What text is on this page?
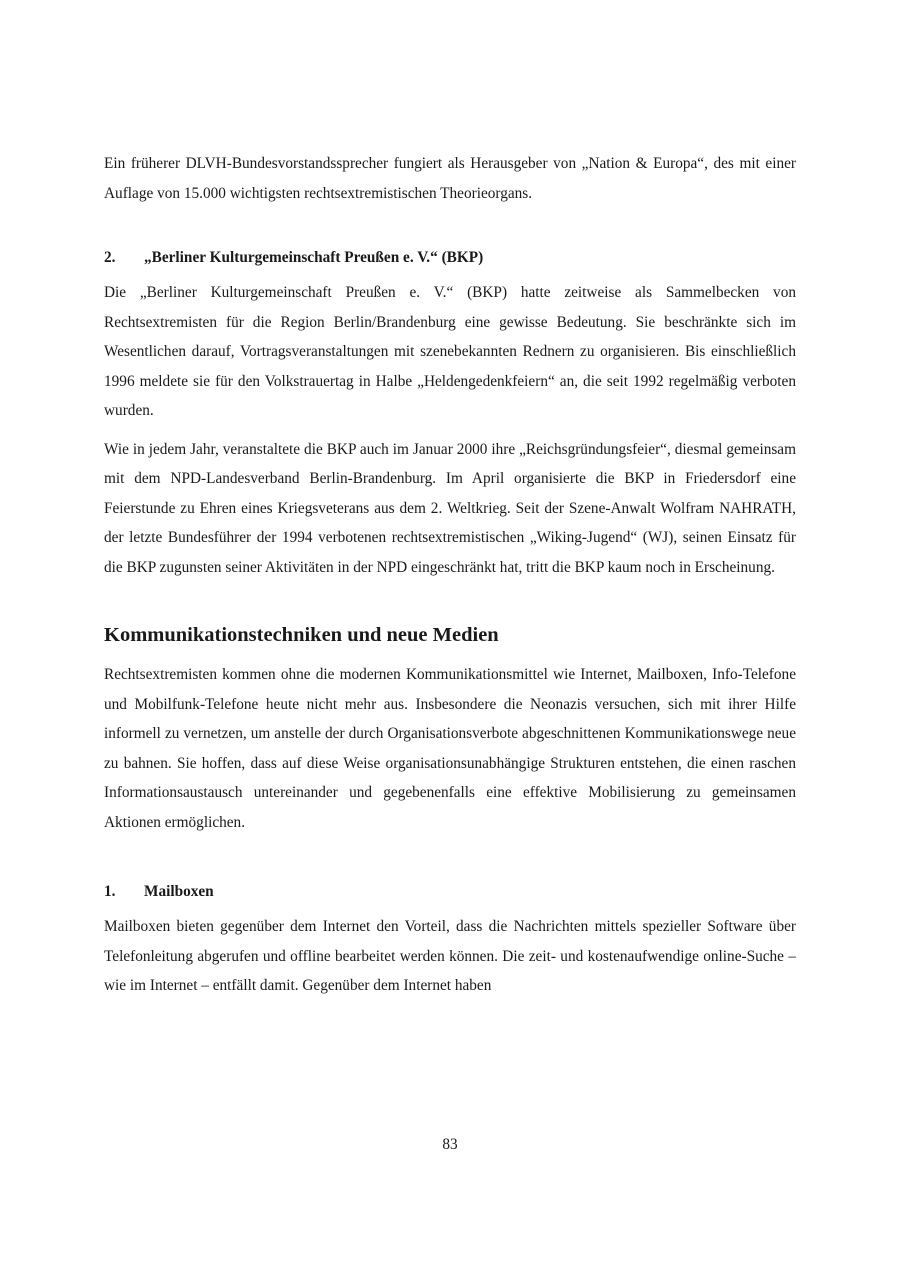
Ein früherer DLVH-Bundesvorstandssprecher fungiert als Herausgeber von „Nation & Europa“, des mit einer Auflage von 15.000 wichtigsten rechtsextremistischen Theorieorgans.

2.	„Berliner Kulturgemeinschaft Preußen e. V.“ (BKP)

Die „Berliner Kulturgemeinschaft Preußen e. V.“ (BKP) hatte zeitweise als Sammelbecken von Rechtsextremisten für die Region Berlin/Brandenburg eine gewisse Bedeutung. Sie beschränkte sich im Wesentlichen darauf, Vortragsveranstaltungen mit szenebekannten Rednern zu organisieren. Bis einschließlich 1996 meldete sie für den Volkstrauertag in Halbe „Heldengedenkfeiern“ an, die seit 1992 regelmäßig verboten wurden.

Wie in jedem Jahr, veranstaltete die BKP auch im Januar 2000 ihre „Reichsgründungsfeier“, diesmal gemeinsam mit dem NPD-Landesverband Berlin-Brandenburg. Im April organisierte die BKP in Friedersdorf eine Feierstunde zu Ehren eines Kriegsveterans aus dem 2. Weltkrieg. Seit der Szene-Anwalt Wolfram NAHRATH, der letzte Bundesführer der 1994 verbotenen rechtsextremistischen „Wiking-Jugend“ (WJ), seinen Einsatz für die BKP zugunsten seiner Aktivitäten in der NPD eingeschränkt hat, tritt die BKP kaum noch in Erscheinung.

Kommunikationstechniken und neue Medien

Rechtsextremisten kommen ohne die modernen Kommunikationsmittel wie Internet, Mailboxen, Info-Telefone und Mobilfunk-Telefone heute nicht mehr aus. Insbesondere die Neonazis versuchen, sich mit ihrer Hilfe informell zu vernetzen, um anstelle der durch Organisationsverbote abgeschnittenen Kommunikationswege neue zu bahnen. Sie hoffen, dass auf diese Weise organisationsunabhängige Strukturen entstehen, die einen raschen Informationsaustausch untereinander und gegebenenfalls eine effektive Mobilisierung zu gemeinsamen Aktionen ermöglichen.

1.	Mailboxen

Mailboxen bieten gegenüber dem Internet den Vorteil, dass die Nachrichten mittels spezieller Software über Telefonleitung abgerufen und offline bearbeitet werden können. Die zeit- und kostenaufwendige online-Suche – wie im Internet – entfällt damit. Gegenüber dem Internet haben

83
